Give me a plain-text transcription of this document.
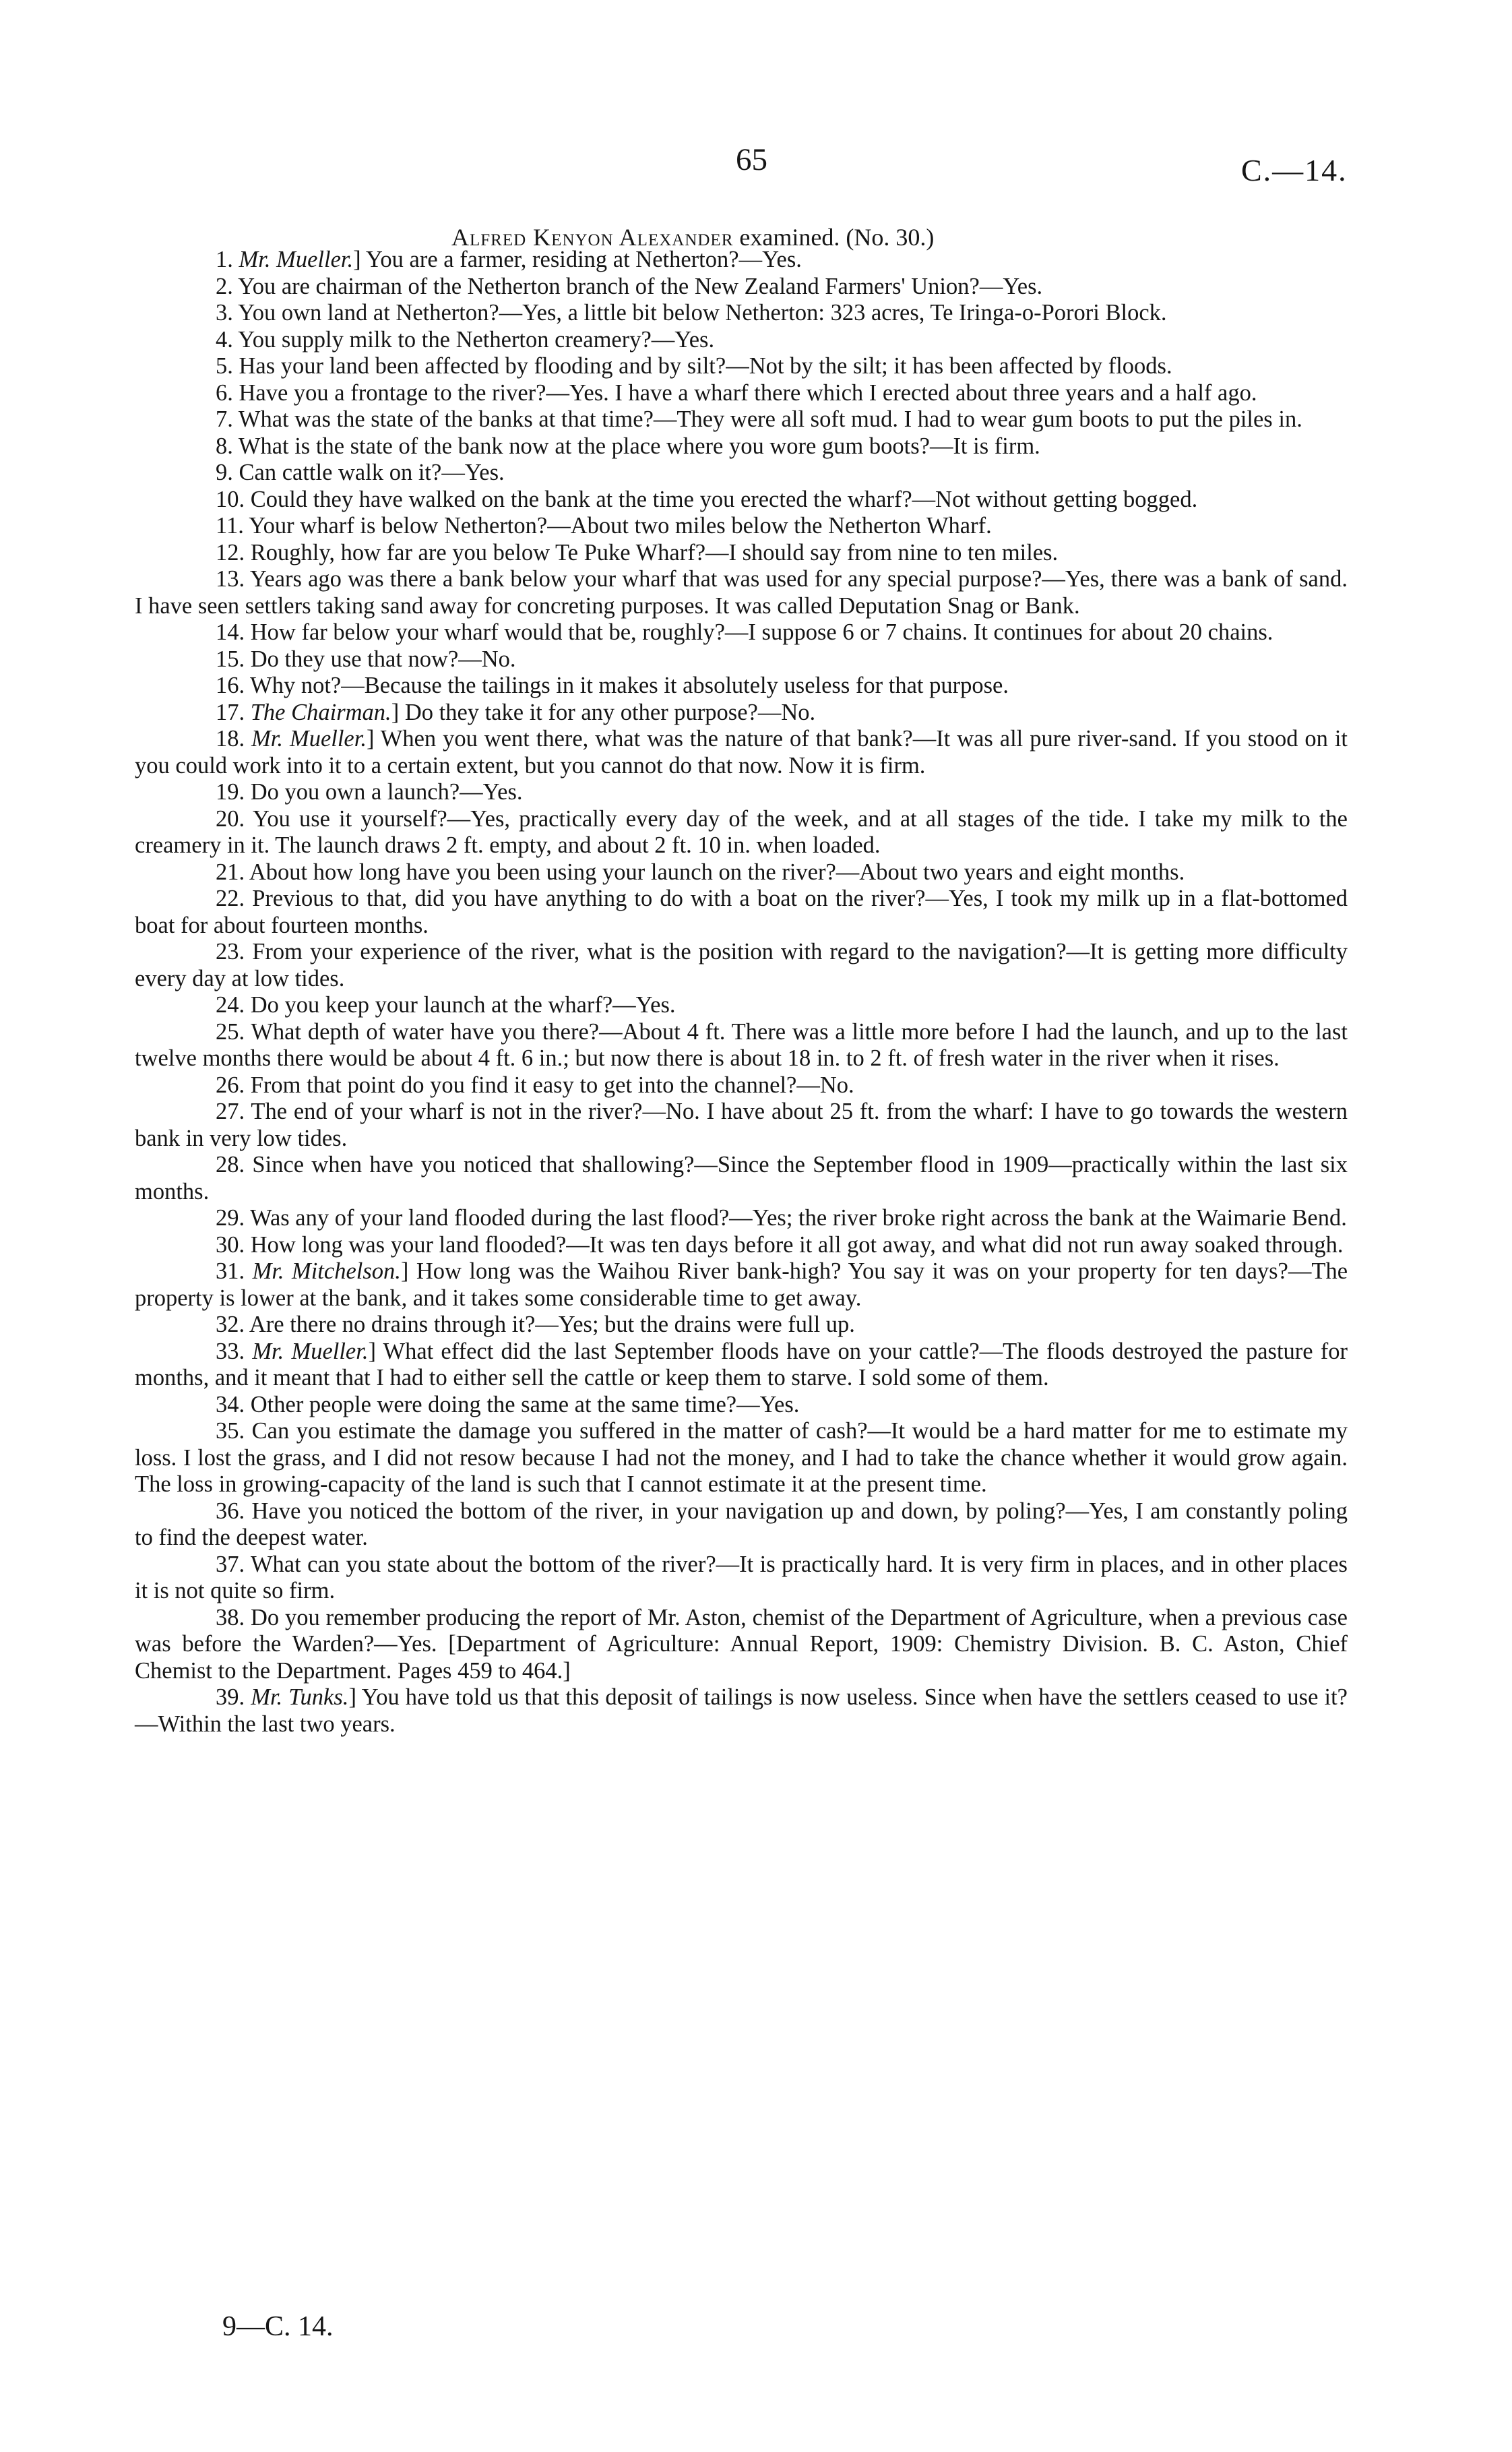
65	C.—14.
Alfred Kenyon Alexander examined. (No. 30.)

1. Mr. Mueller.] You are a farmer, residing at Netherton?—Yes.

2. You are chairman of the Netherton branch of the New Zealand Farmers' Union?—Yes.

3. You own land at Netherton?—Yes, a little bit below Netherton: 323 acres, Te Iringa-o-Porori Block.

4. You supply milk to the Netherton creamery?—Yes.

5. Has your land been affected by flooding and by silt?—Not by the silt; it has been affected by floods.

6. Have you a frontage to the river?—Yes. I have a wharf there which I erected about three years and a half ago.

7. What was the state of the banks at that time?—They were all soft mud. I had to wear gum boots to put the piles in.

8. What is the state of the bank now at the place where you wore gum boots?—It is firm.

9. Can cattle walk on it?—Yes.

10. Could they have walked on the bank at the time you erected the wharf?—Not without getting bogged.

11. Your wharf is below Netherton?—About two miles below the Netherton Wharf.

12. Roughly, how far are you below Te Puke Wharf?—I should say from nine to ten miles.

13. Years ago was there a bank below your wharf that was used for any special purpose?—Yes, there was a bank of sand. I have seen settlers taking sand away for concreting purposes. It was called Deputation Snag or Bank.

14. How far below your wharf would that be, roughly?—I suppose 6 or 7 chains. It continues for about 20 chains.

15. Do they use that now?—No.

16. Why not?—Because the tailings in it makes it absolutely useless for that purpose.

17. The Chairman.] Do they take it for any other purpose?—No.

18. Mr. Mueller.] When you went there, what was the nature of that bank?—It was all pure river-sand. If you stood on it you could work into it to a certain extent, but you cannot do that now. Now it is firm.

19. Do you own a launch?—Yes.

20. You use it yourself?—Yes, practically every day of the week, and at all stages of the tide. I take my milk to the creamery in it. The launch draws 2 ft. empty, and about 2 ft. 10 in. when loaded.

21. About how long have you been using your launch on the river?—About two years and eight months.

22. Previous to that, did you have anything to do with a boat on the river?—Yes, I took my milk up in a flat-bottomed boat for about fourteen months.

23. From your experience of the river, what is the position with regard to the navigation?—It is getting more difficulty every day at low tides.

24. Do you keep your launch at the wharf?—Yes.

25. What depth of water have you there?—About 4 ft. There was a little more before I had the launch, and up to the last twelve months there would be about 4 ft. 6 in.; but now there is about 18 in. to 2 ft. of fresh water in the river when it rises.

26. From that point do you find it easy to get into the channel?—No.

27. The end of your wharf is not in the river?—No. I have about 25 ft. from the wharf: I have to go towards the western bank in very low tides.

28. Since when have you noticed that shallowing?—Since the September flood in 1909—practically within the last six months.

29. Was any of your land flooded during the last flood?—Yes; the river broke right across the bank at the Waimarie Bend.

30. How long was your land flooded?—It was ten days before it all got away, and what did not run away soaked through.

31. Mr. Mitchelson.] How long was the Waihou River bank-high? You say it was on your property for ten days?—The property is lower at the bank, and it takes some considerable time to get away.

32. Are there no drains through it?—Yes; but the drains were full up.

33. Mr. Mueller.] What effect did the last September floods have on your cattle?—The floods destroyed the pasture for months, and it meant that I had to either sell the cattle or keep them to starve. I sold some of them.

34. Other people were doing the same at the same time?—Yes.

35. Can you estimate the damage you suffered in the matter of cash?—It would be a hard matter for me to estimate my loss. I lost the grass, and I did not resow because I had not the money, and I had to take the chance whether it would grow again. The loss in growing-capacity of the land is such that I cannot estimate it at the present time.

36. Have you noticed the bottom of the river, in your navigation up and down, by poling?—Yes, I am constantly poling to find the deepest water.

37. What can you state about the bottom of the river?—It is practically hard. It is very firm in places, and in other places it is not quite so firm.

38. Do you remember producing the report of Mr. Aston, chemist of the Department of Agriculture, when a previous case was before the Warden?—Yes. [Department of Agriculture: Annual Report, 1909: Chemistry Division. B. C. Aston, Chief Chemist to the Department. Pages 459 to 464.]

39. Mr. Tunks.] You have told us that this deposit of tailings is now useless. Since when have the settlers ceased to use it?—Within the last two years.

9—C. 14.
